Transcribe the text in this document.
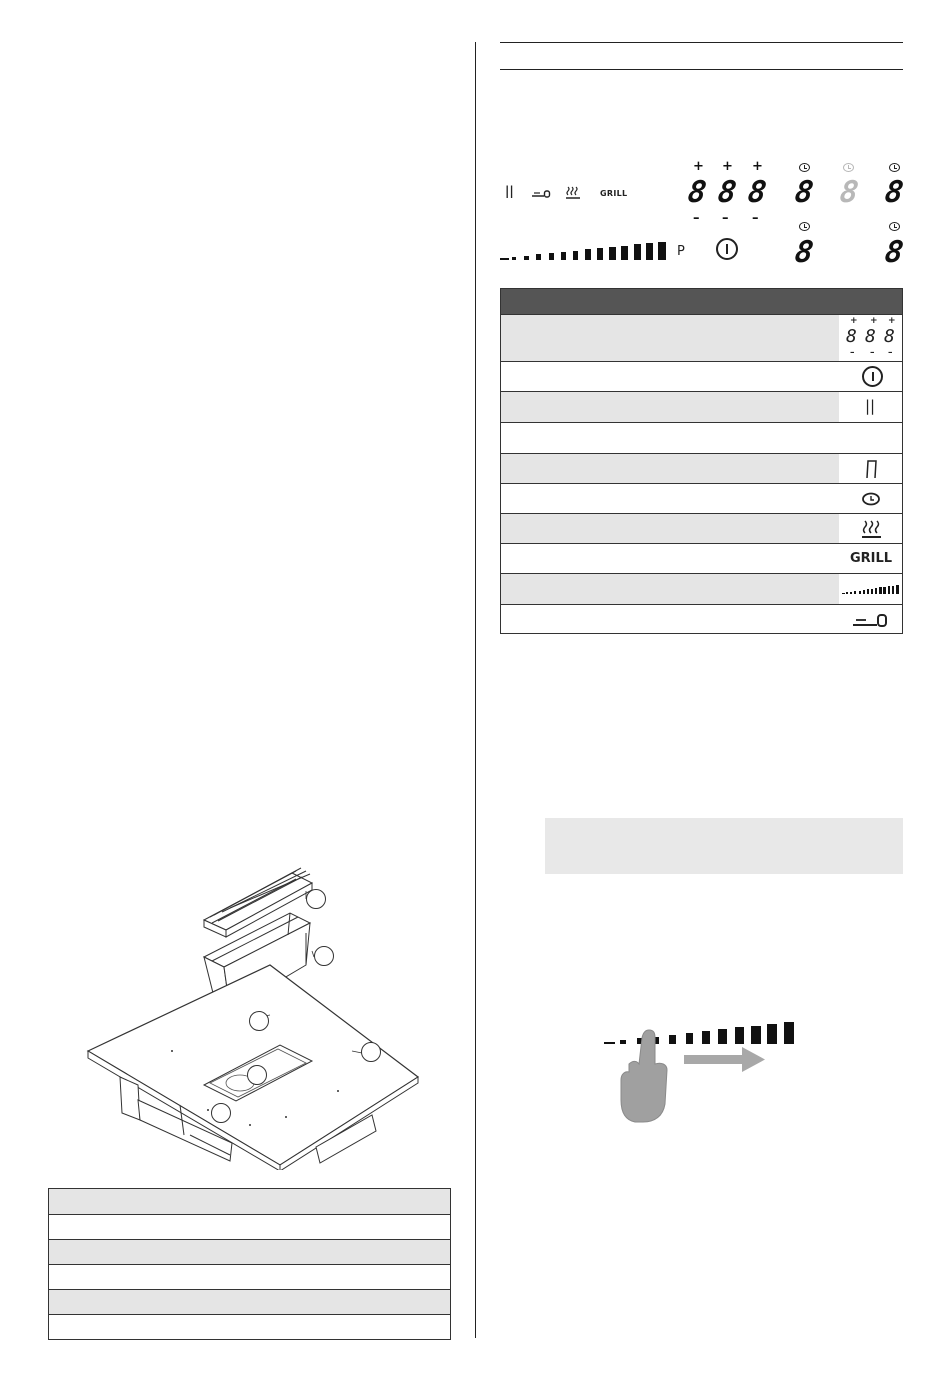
||	GRILL
+ + +
8 8 8
– – –
8 8 8
8 8
P
+ + +
8 8 8
– – –
||
GRILL
